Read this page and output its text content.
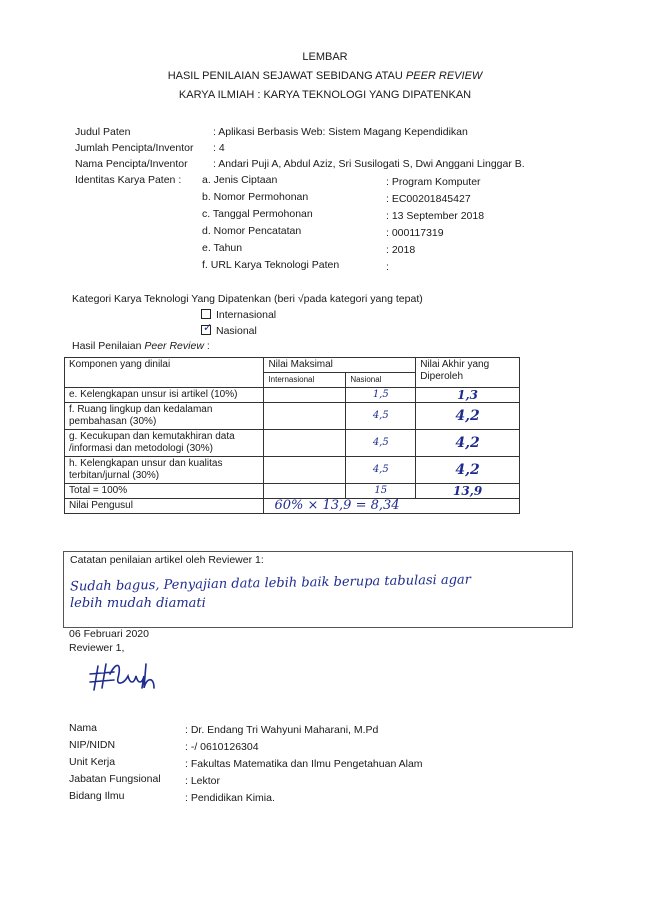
LEMBAR
HASIL PENILAIAN SEJAWAT SEBIDANG ATAU PEER REVIEW
KARYA ILMIAH : KARYA TEKNOLOGI YANG DIPATENKAN
Judul Paten	: Aplikasi Berbasis Web: Sistem Magang Kependidikan
Jumlah Pencipta/Inventor : 4
Nama Pencipta/Inventor : Andari Puji A, Abdul Aziz, Sri Susilogati S, Dwi Anggani Linggar B.
Identitas Karya Paten : a. Jenis Ciptaan	: Program Komputer
b. Nomor Permohonan	: EC00201845427
c. Tanggal Permohonan	: 13 September 2018
d. Nomor Pencatatan	: 000117319
e. Tahun	: 2018
f. URL Karya Teknologi Paten	:
Kategori Karya Teknologi Yang Dipatenkan (beri √pada kategori yang tepat)
Internasional
✓ Nasional
Hasil Penilaian Peer Review :
Komponen yang dinilai	Nilai Maksimal		Nilai Akhir yang Diperoleh
	Internasional	Nasional	
e. Kelengkapan unsur isi artikel (10%)		1,5	1,3
f. Ruang lingkup dan kedalaman pembahasan (30%)		4,5	4,2
g. Kecukupan dan kemutakhiran data /informasi dan metodologi (30%)		4,5	4,2
h. Kelengkapan unsur dan kualitas terbitan/jurnal (30%)		4,5	4,2
Total = 100%		15	13,9
Nilai Pengusul	60% × 13,9 = 8,34		
Catatan penilaian artikel oleh Reviewer 1:
Sudah bagus, Penyajian data lebih baik berupa tabulasi agar
lebih mudah diamati
06 Februari 2020
Reviewer 1,
Nama	: Dr. Endang Tri Wahyuni Maharani, M.Pd
NIP/NIDN	: -/ 0610126304
Unit Kerja	: Fakultas Matematika dan Ilmu Pengetahuan Alam
Jabatan Fungsional : Lektor
Bidang Ilmu	: Pendidikan Kimia.
